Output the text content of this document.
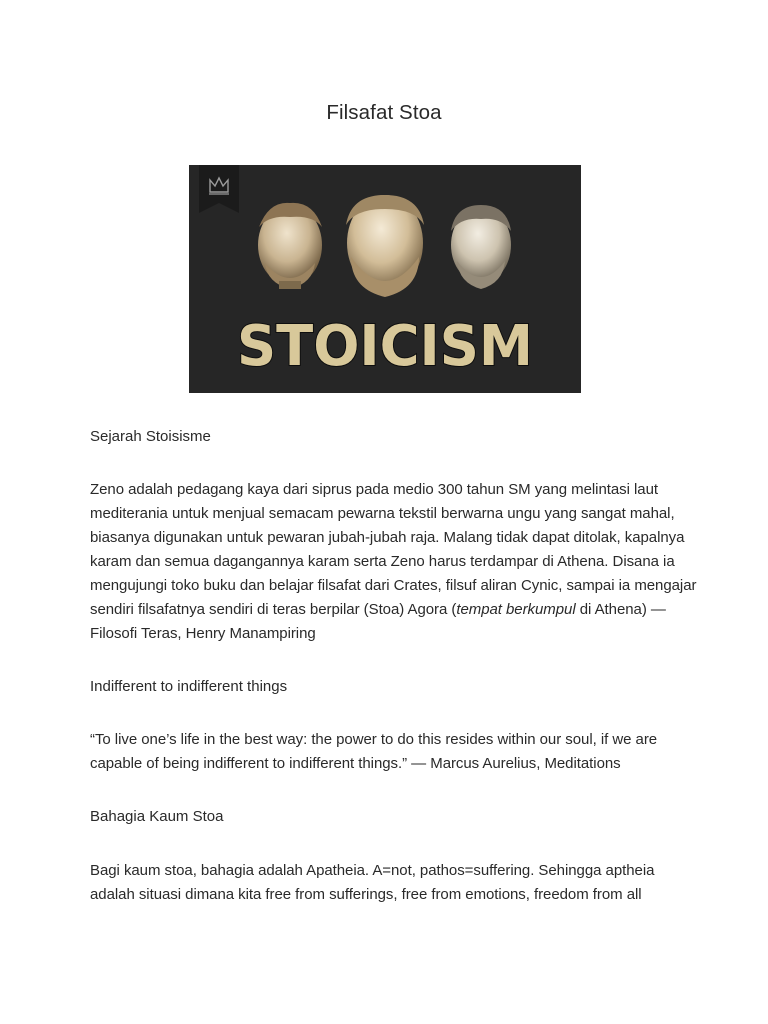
Filsafat Stoa
STOICISM
Sejarah Stoisisme
Zeno adalah pedagang kaya dari siprus pada medio 300 tahun SM yang melintasi laut
mediterania untuk menjual semacam pewarna tekstil berwarna ungu yang sangat mahal,
biasanya digunakan untuk pewaran jubah-jubah raja. Malang tidak dapat ditolak, kapalnya
karam dan semua dagangannya karam serta Zeno harus terdampar di Athena. Disana ia
mengujungi toko buku dan belajar filsafat dari Crates, filsuf aliran Cynic, sampai ia mengajar
sendiri filsafatnya sendiri di teras berpilar (Stoa) Agora (tempat berkumpul di Athena) —
Filosofi Teras, Henry Manampiring
Indifferent to indifferent things
“To live one’s life in the best way: the power to do this resides within our soul, if we are
capable of being indifferent to indifferent things.” — Marcus Aurelius, Meditations
Bahagia Kaum Stoa
Bagi kaum stoa, bahagia adalah Apatheia. A=not, pathos=suffering. Sehingga aptheia
adalah situasi dimana kita free from sufferings, free from emotions, freedom from all
